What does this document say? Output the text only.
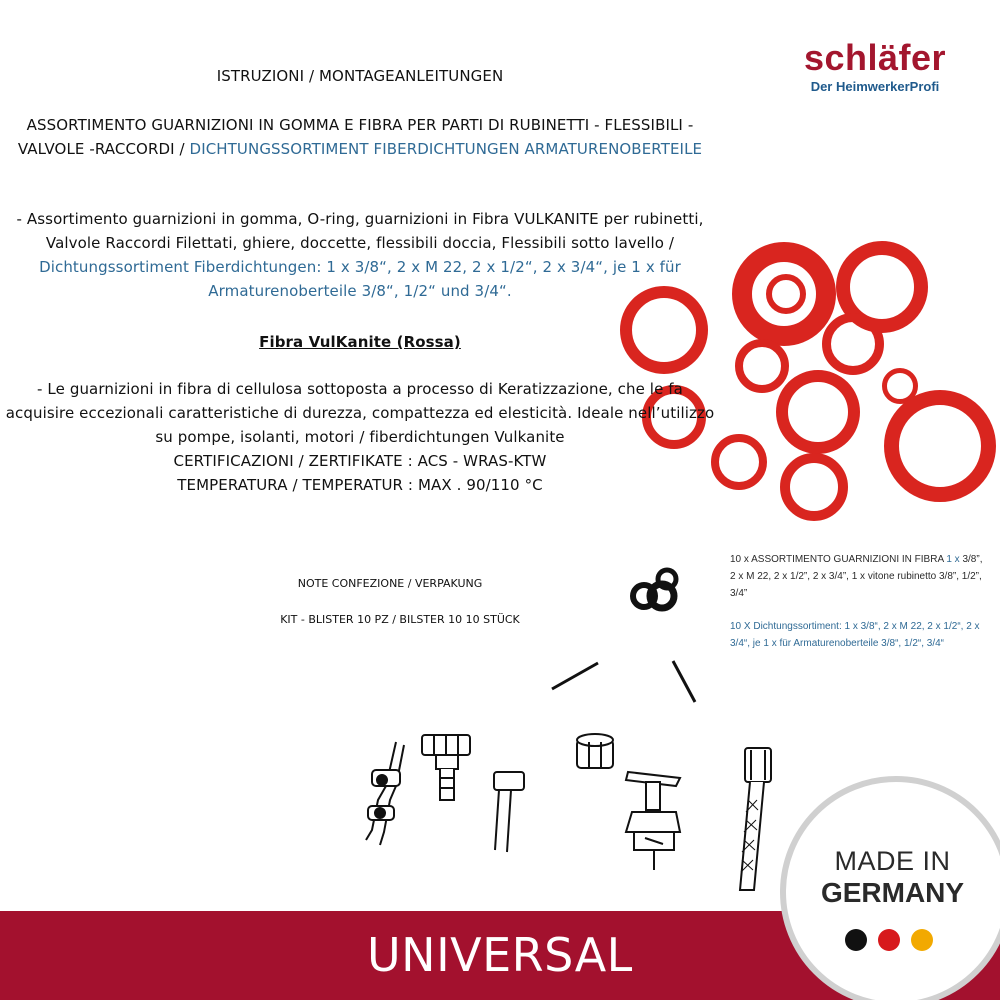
schläfer
Der HeimwerkerProfi
ISTRUZIONI / MONTAGEANLEITUNGEN
ASSORTIMENTO GUARNIZIONI IN GOMMA E FIBRA PER PARTI DI RUBINETTI - FLESSIBILI -
VALVOLE -RACCORDI / DICHTUNGSSORTIMENT FIBERDICHTUNGEN ARMATURENOBERTEILE
- Assortimento guarnizioni in gomma, O-ring, guarnizioni in Fibra VULKANITE per rubinetti,
Valvole Raccordi Filettati, ghiere, doccette, flessibili doccia, Flessibili sotto lavello /
Dichtungssortiment Fiberdichtungen: 1 x 3/8“, 2 x M 22, 2 x 1/2“, 2 x 3/4“, je 1 x für
Armaturenoberteile 3/8“, 1/2“ und 3/4“.
Fibra VulKanite (Rossa)
- Le guarnizioni in fibra di cellulosa sottoposta a processo di Keratizzazione, che le fa
acquisire eccezionali caratteristiche di durezza, compattezza ed elesticità. Ideale nell’utilizzo
su pompe, isolanti, motori / fiberdichtungen Vulkanite
CERTIFICAZIONI / ZERTIFIKATE : ACS - WRAS-KTW
TEMPERATURA / TEMPERATUR : MAX . 90/110 °C
NOTE CONFEZIONE / VERPAKUNG
KIT - BLISTER 10 PZ / BILSTER 10 10 STÜCK
10 x ASSORTIMENTO GUARNIZIONI IN FIBRA 1 x 3/8”, 2 x M 22, 2 x 1/2”, 2 x 3/4”, 1 x vitone rubinetto 3/8”, 1/2”, 3/4”
10 X Dichtungssortiment: 1 x 3/8“, 2 x M 22, 2 x 1/2“, 2 x 3/4“, je 1 x für Armaturenoberteile 3/8“, 1/2“, 3/4“
UNIVERSAL
MADE IN
GERMANY
